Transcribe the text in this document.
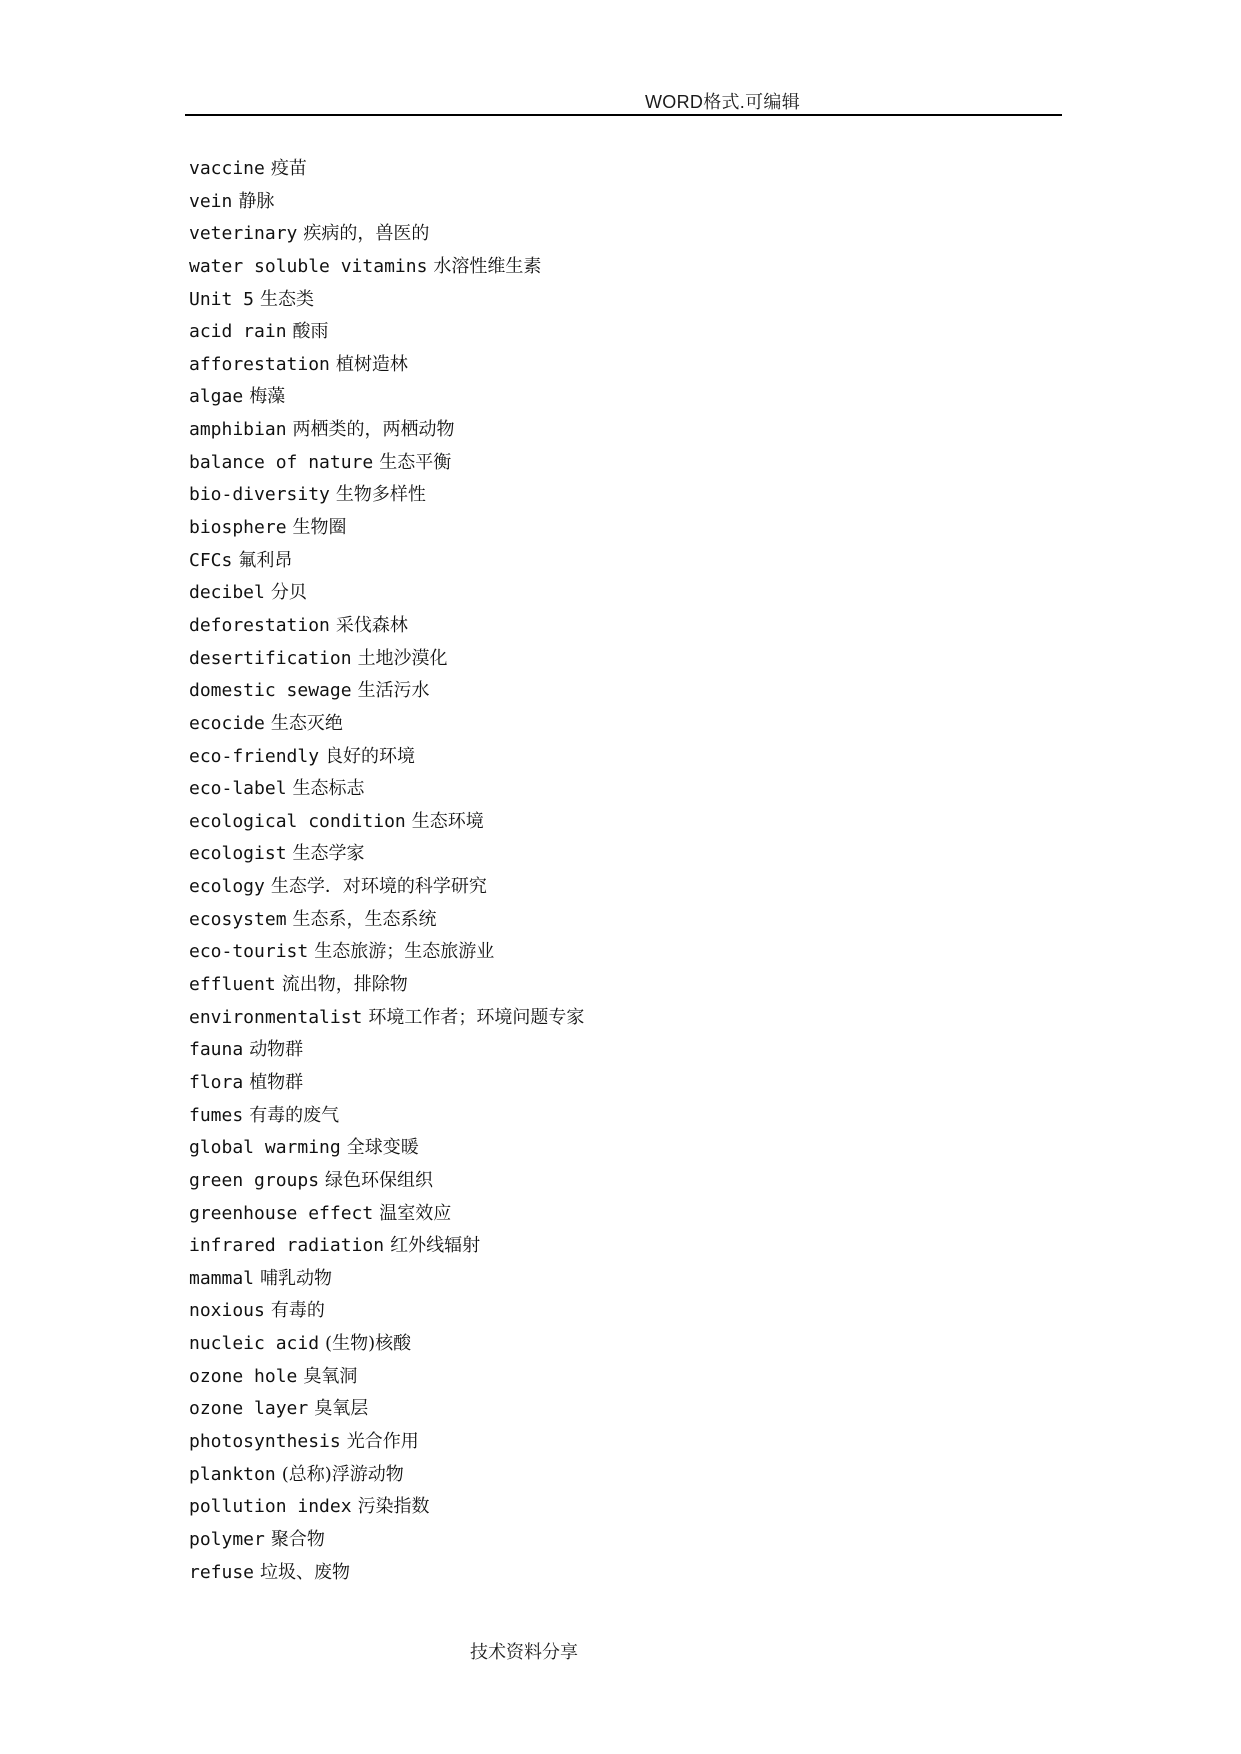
WORD格式.可编辑
vaccine 疫苗
vein 静脉
veterinary 疾病的，兽医的
water soluble vitamins 水溶性维生素
Unit 5 生态类
acid rain 酸雨
afforestation 植树造林
algae 梅藻
amphibian 两栖类的，两栖动物
balance of nature 生态平衡
bio-diversity 生物多样性
biosphere 生物圈
CFCs 氟利昂
decibel 分贝
deforestation 采伐森林
desertification 土地沙漠化
domestic sewage 生活污水
ecocide 生态灭绝
eco-friendly 良好的环境
eco-label 生态标志
ecological condition 生态环境
ecologist 生态学家
ecology 生态学．对环境的科学研究
ecosystem 生态系，生态系统
eco-tourist 生态旅游；生态旅游业
effluent 流出物，排除物
environmentalist 环境工作者；环境问题专家
fauna 动物群
flora 植物群
fumes 有毒的废气
global warming 全球变暖
green groups 绿色环保组织
greenhouse effect 温室效应
infrared radiation 红外线辐射
mammal 哺乳动物
noxious 有毒的
nucleic acid (生物)核酸
ozone hole 臭氧洞
ozone layer 臭氧层
photosynthesis 光合作用
plankton (总称)浮游动物
pollution index 污染指数
polymer 聚合物
refuse 垃圾、废物
技术资料分享
